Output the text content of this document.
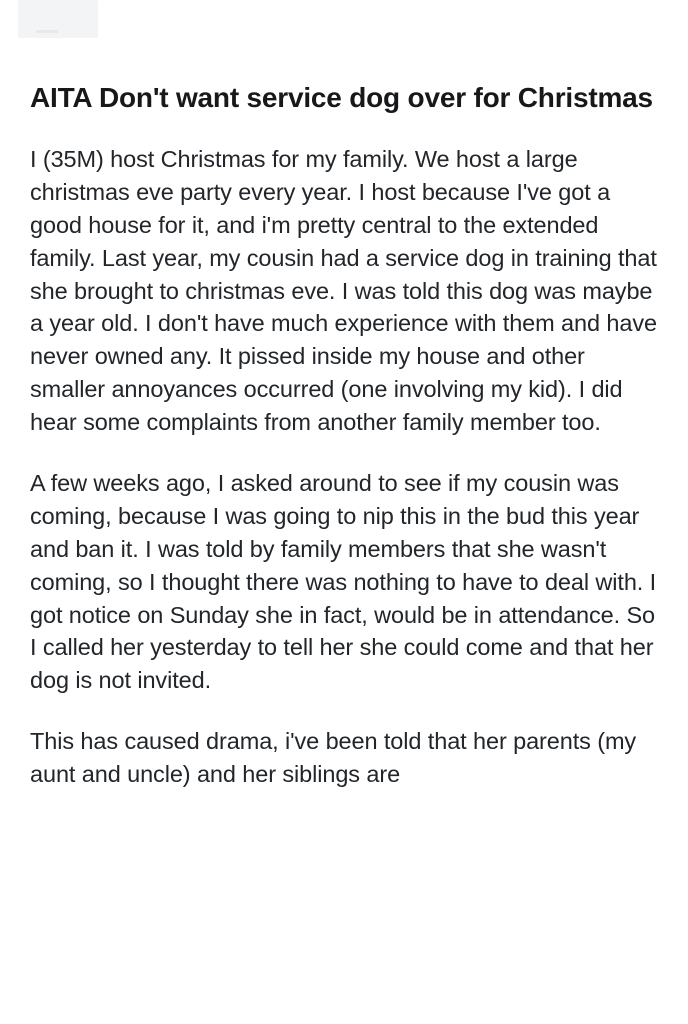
AITA Don't want service dog over for Christmas

I (35M) host Christmas for my family. We host a large christmas eve party every year. I host because I've got a good house for it, and i'm pretty central to the extended family. Last year, my cousin had a service dog in training that she brought to christmas eve. I was told this dog was maybe a year old. I don't have much experience with them and have never owned any. It pissed inside my house and other smaller annoyances occurred (one involving my kid). I did hear some complaints from another family member too.

A few weeks ago, I asked around to see if my cousin was coming, because I was going to nip this in the bud this year and ban it. I was told by family members that she wasn't coming, so I thought there was nothing to have to deal with. I got notice on Sunday she in fact, would be in attendance. So I called her yesterday to tell her she could come and that her dog is not invited.

This has caused drama, i've been told that her parents (my aunt and uncle) and her siblings are
